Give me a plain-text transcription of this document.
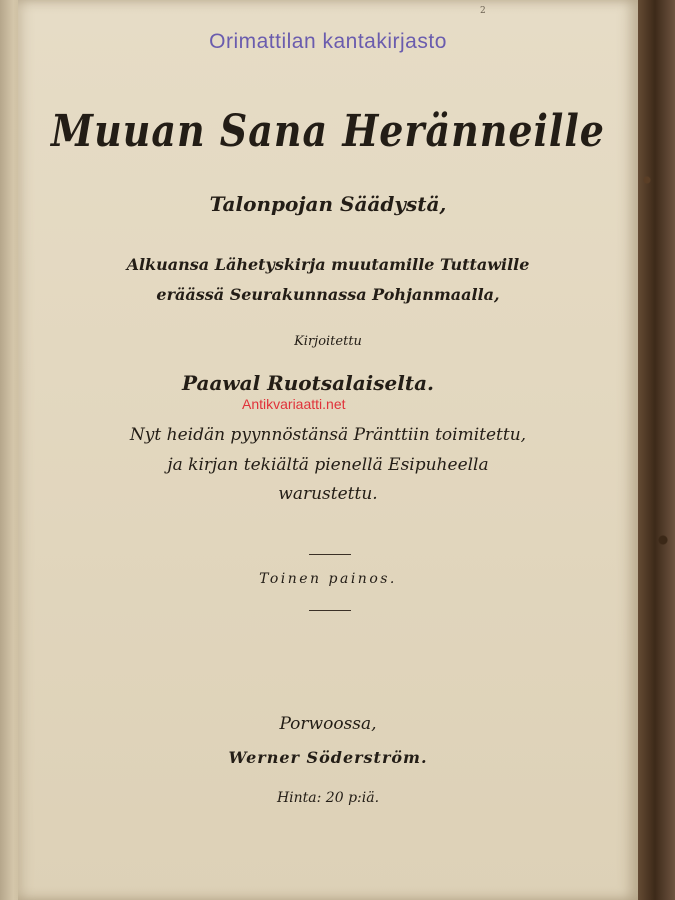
2
Orimattilan kantakirjasto
Muuan Sana Heränneille
Talonpojan Säädystä,
Alkuansa Lähetyskirja muutamille Tuttawille
eräässä Seurakunnassa Pohjanmaalla,
Kirjoitettu
Paawal Ruotsalaiselta.
Nyt heidän pyynnöstänsä Pränttiin toimitettu,
ja kirjan tekiältä pienellä Esipuheella
warustettu.
Toinen painos.
Porwoossa,
Werner Söderström.
Hinta: 20 p:iä.
Antikvariaatti.net
